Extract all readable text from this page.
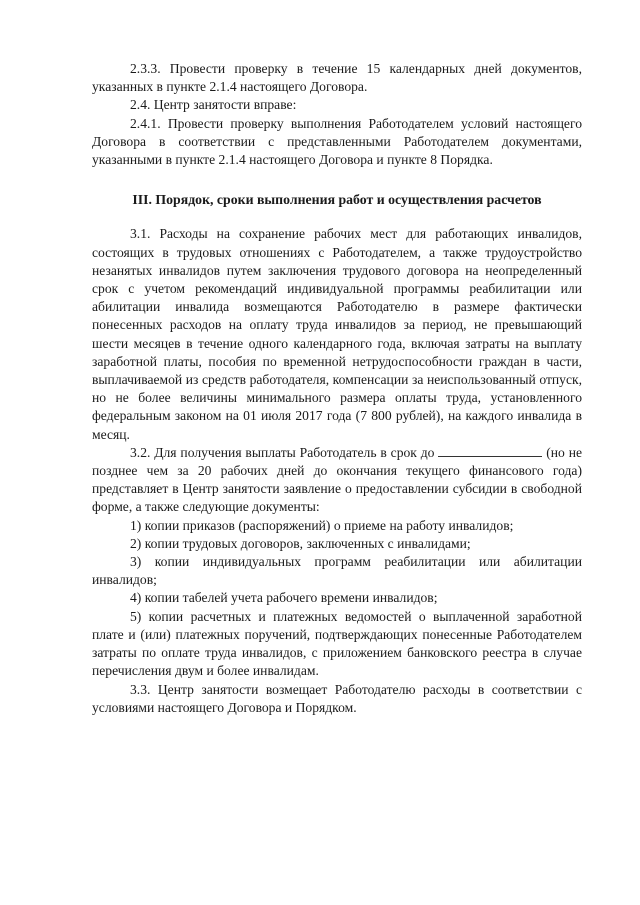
2.3.3. Провести проверку в течение 15 календарных дней документов, указанных в пункте 2.1.4 настоящего Договора.

2.4. Центр занятости вправе:

2.4.1. Провести проверку выполнения Работодателем условий настоящего Договора в соответствии с представленными Работодателем документами, указанными в пункте 2.1.4 настоящего Договора и пункте 8 Порядка.

III. Порядок, сроки выполнения работ и осуществления расчетов

3.1. Расходы на сохранение рабочих мест для работающих инвалидов, состоящих в трудовых отношениях с Работодателем, а также трудоустройство незанятых инвалидов путем заключения трудового договора на неопределенный срок с учетом рекомендаций индивидуальной программы реабилитации или абилитации инвалида возмещаются Работодателю в размере фактически понесенных расходов на оплату труда инвалидов за период, не превышающий шести месяцев в течение одного календарного года, включая затраты на выплату заработной платы, пособия по временной нетрудоспособности граждан в части, выплачиваемой из средств работодателя, компенсации за неиспользованный отпуск, но не более величины минимального размера оплаты труда, установленного федеральным законом на 01 июля 2017 года (7 800 рублей), на каждого инвалида в месяц.

3.2. Для получения выплаты Работодатель в срок до	(но не позднее чем за 20 рабочих дней до окончания текущего финансового года) представляет в Центр занятости заявление о предоставлении субсидии в свободной форме, а также следующие документы:

1) копии приказов (распоряжений) о приеме на работу инвалидов;

2) копии трудовых договоров, заключенных с инвалидами;

3) копии индивидуальных программ реабилитации или абилитации инвалидов;

4) копии табелей учета рабочего времени инвалидов;

5) копии расчетных и платежных ведомостей о выплаченной заработной плате и (или) платежных поручений, подтверждающих понесенные Работодателем затраты по оплате труда инвалидов, с приложением банковского реестра в случае перечисления двум и более инвалидам.

3.3. Центр занятости возмещает Работодателю расходы в соответствии с условиями настоящего Договора и Порядком.
